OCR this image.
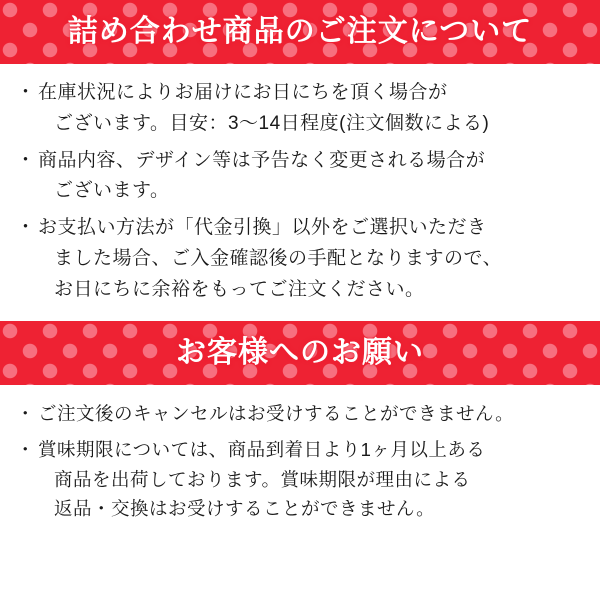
詰め合わせ商品のご注文について
・ 在庫状況によりお届けにお日にちを頂く場合が
ございます。目安：3〜14日程度(注文個数による)
・ 商品内容、デザイン等は予告なく変更される場合が
ございます。
・ お支払い方法が「代金引換」以外をご選択いただき
ました場合、ご入金確認後の手配となりますので、
お日にちに余裕をもってご注文ください。
お客様へのお願い
・ ご注文後のキャンセルはお受けすることができません。
・ 賞味期限については、商品到着日より1ヶ月以上ある
商品を出荷しております。賞味期限が理由による
返品・交換はお受けすることができません。
